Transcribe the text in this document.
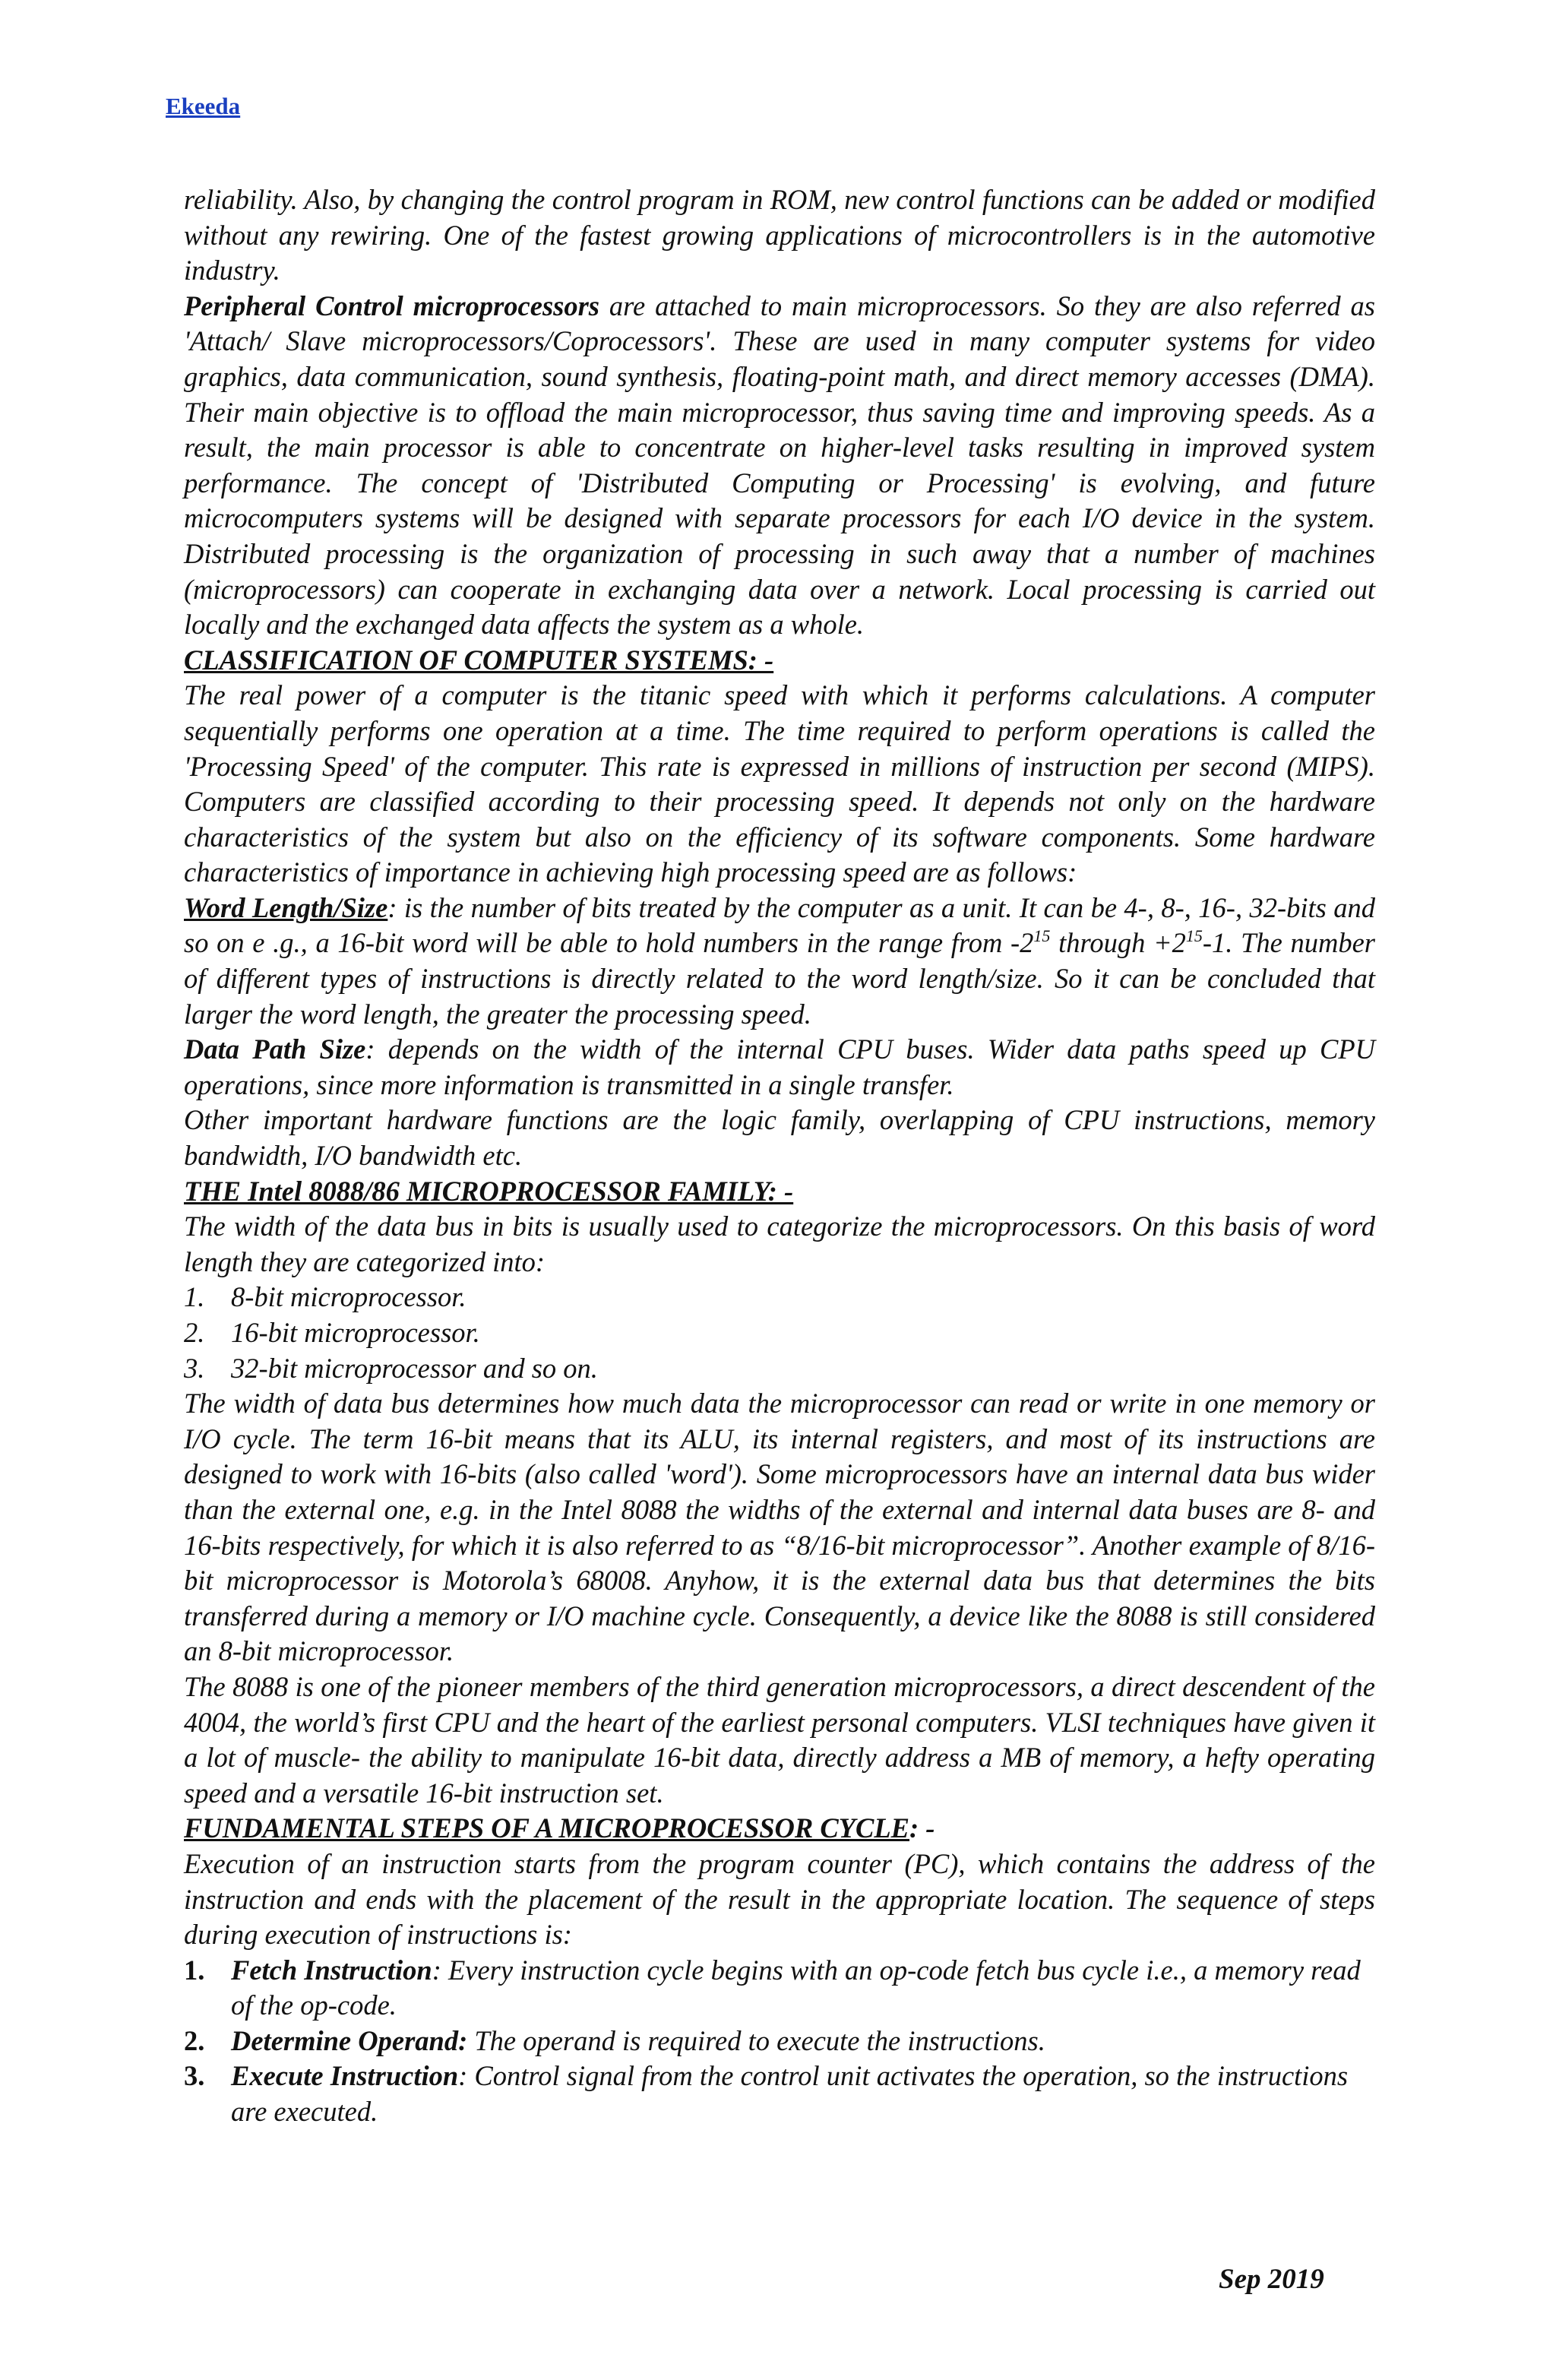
Ekeeda

reliability. Also, by changing the control program in ROM, new control functions can be added or modified without any rewiring. One of the fastest growing applications of microcontrollers is in the automotive industry.

Peripheral Control microprocessors are attached to main microprocessors. So they are also referred as 'Attach/ Slave microprocessors/Coprocessors'. These are used in many computer systems for video graphics, data communication, sound synthesis, floating-point math, and direct memory accesses (DMA). Their main objective is to offload the main microprocessor, thus saving time and improving speeds. As a result, the main processor is able to concentrate on higher-level tasks resulting in improved system performance. The concept of 'Distributed Computing or Processing' is evolving, and future microcomputers systems will be designed with separate processors for each I/O device in the system. Distributed processing is the organization of processing in such away that a number of machines (microprocessors) can cooperate in exchanging data over a network. Local processing is carried out locally and the exchanged data affects the system as a whole.

CLASSIFICATION OF COMPUTER SYSTEMS: -

The real power of a computer is the titanic speed with which it performs calculations. A computer sequentially performs one operation at a time. The time required to perform operations is called the 'Processing Speed' of the computer. This rate is expressed in millions of instruction per second (MIPS). Computers are classified according to their processing speed. It depends not only on the hardware characteristics of the system but also on the efficiency of its software components. Some hardware characteristics of importance in achieving high processing speed are as follows:

Word Length/Size: is the number of bits treated by the computer as a unit. It can be 4-, 8-, 16-, 32-bits and so on e .g., a 16-bit word will be able to hold numbers in the range from $-2^{15}$ through $+2^{15}-1$. The number of different types of instructions is directly related to the word length/size. So it can be concluded that larger the word length, the greater the processing speed.

Data Path Size: depends on the width of the internal CPU buses. Wider data paths speed up CPU operations, since more information is transmitted in a single transfer.

Other important hardware functions are the logic family, overlapping of CPU instructions, memory bandwidth, I/O bandwidth etc.

THE Intel 8088/86 MICROPROCESSOR FAMILY: -

The width of the data bus in bits is usually used to categorize the microprocessors. On this basis of word length they are categorized into:

1. 8-bit microprocessor.
2. 16-bit microprocessor.
3. 32-bit microprocessor and so on.

The width of data bus determines how much data the microprocessor can read or write in one memory or I/O cycle. The term 16-bit means that its ALU, its internal registers, and most of its instructions are designed to work with 16-bits (also called 'word'). Some microprocessors have an internal data bus wider than the external one, e.g. in the Intel 8088 the widths of the external and internal data buses are 8- and 16-bits respectively, for which it is also referred to as “8/16-bit microprocessor”. Another example of 8/16-bit microprocessor is Motorola’s 68008. Anyhow, it is the external data bus that determines the bits transferred during a memory or I/O machine cycle. Consequently, a device like the 8088 is still considered an 8-bit microprocessor.

The 8088 is one of the pioneer members of the third generation microprocessors, a direct descendent of the 4004, the world’s first CPU and the heart of the earliest personal computers. VLSI techniques have given it a lot of muscle- the ability to manipulate 16-bit data, directly address a MB of memory, a hefty operating speed and a versatile 16-bit instruction set.

FUNDAMENTAL STEPS OF A MICROPROCESSOR CYCLE: -

Execution of an instruction starts from the program counter (PC), which contains the address of the instruction and ends with the placement of the result in the appropriate location. The sequence of steps during execution of instructions is:

1. Fetch Instruction: Every instruction cycle begins with an op-code fetch bus cycle i.e., a memory read of the op-code.
2. Determine Operand: The operand is required to execute the instructions.
3. Execute Instruction: Control signal from the control unit activates the operation, so the instructions are executed.
Sep 2019
